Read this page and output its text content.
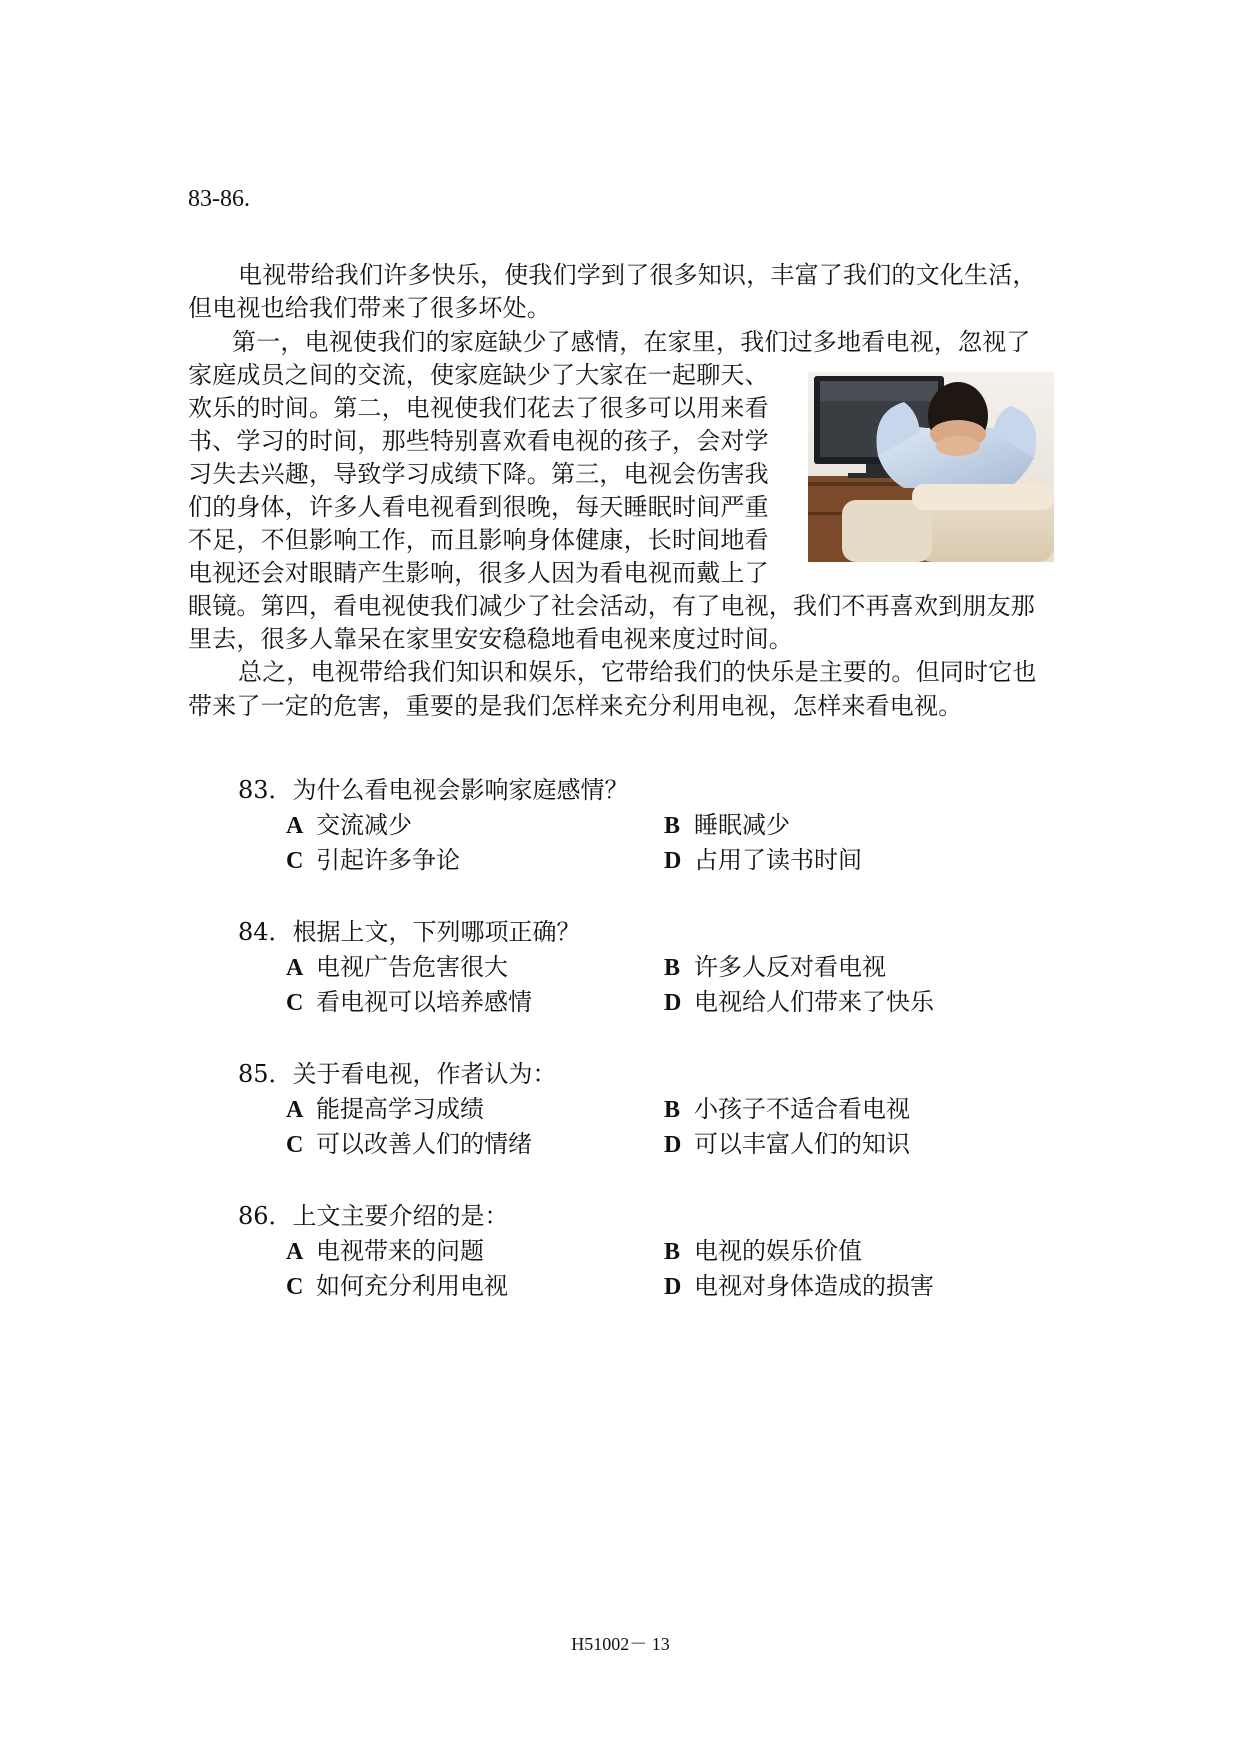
83-86.
电视带给我们许多快乐，使我们学到了很多知识，丰富了我们的文化生活，
但电视也给我们带来了很多坏处。
第一，电视使我们的家庭缺少了感情，在家里，我们过多地看电视，忽视了
家庭成员之间的交流，使家庭缺少了大家在一起聊天、
欢乐的时间。第二，电视使我们花去了很多可以用来看
书、学习的时间，那些特别喜欢看电视的孩子，会对学
习失去兴趣，导致学习成绩下降。第三，电视会伤害我
们的身体，许多人看电视看到很晚，每天睡眠时间严重
不足，不但影响工作，而且影响身体健康，长时间地看
电视还会对眼睛产生影响，很多人因为看电视而戴上了
眼镜。第四，看电视使我们减少了社会活动，有了电视，我们不再喜欢到朋友那
里去，很多人靠呆在家里安安稳稳地看电视来度过时间。
总之，电视带给我们知识和娱乐，它带给我们的快乐是主要的。但同时它也
带来了一定的危害，重要的是我们怎样来充分利用电视，怎样来看电视。
83．为什么看电视会影响家庭感情？
A 交流减少	B 睡眠减少
C 引起许多争论	D 占用了读书时间
84．根据上文，下列哪项正确？
A 电视广告危害很大	B 许多人反对看电视
C 看电视可以培养感情	D 电视给人们带来了快乐
85．关于看电视，作者认为：
A 能提高学习成绩	B 小孩子不适合看电视
C 可以改善人们的情绪	D 可以丰富人们的知识
86．上文主要介绍的是：
A 电视带来的问题	B 电视的娱乐价值
C 如何充分利用电视	D 电视对身体造成的损害
H51002－ 13
